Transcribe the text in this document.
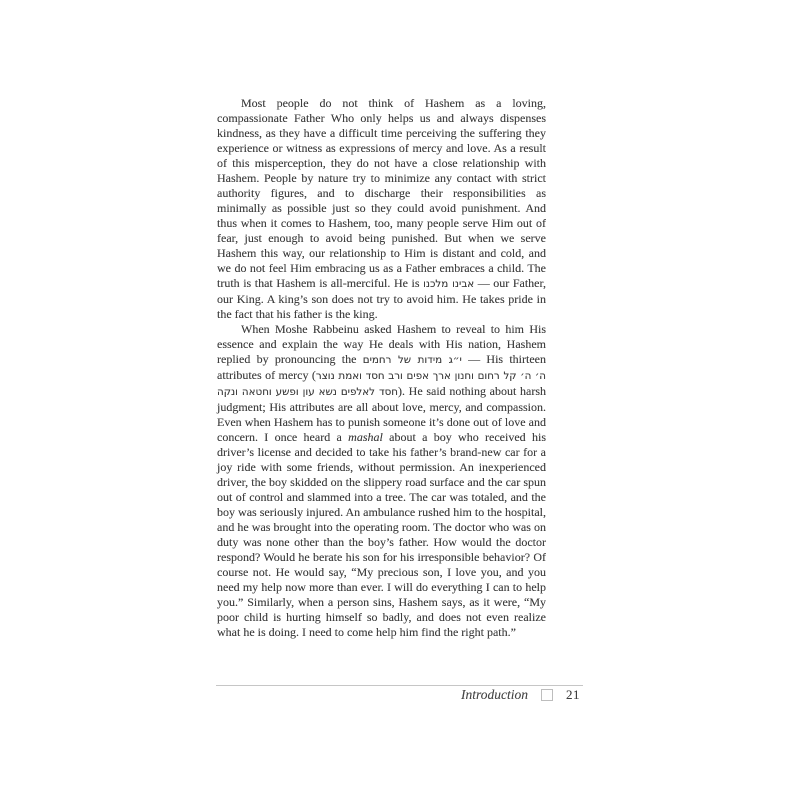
Most people do not think of Hashem as a loving, compassionate Father Who only helps us and always dispenses kindness, as they have a difficult time perceiving the suffering they experience or witness as expressions of mercy and love. As a result of this misperception, they do not have a close relationship with Hashem. People by nature try to minimize any contact with strict authority figures, and to discharge their responsibilities as minimally as possible just so they could avoid punishment. And thus when it comes to Hashem, too, many people serve Him out of fear, just enough to avoid being punished. But when we serve Hashem this way, our relationship to Him is distant and cold, and we do not feel Him embracing us as a Father embraces a child. The truth is that Hashem is all-merciful. He is אבינו מלכנו — our Father, our King. A king’s son does not try to avoid him. He takes pride in the fact that his father is the king.

When Moshe Rabbeinu asked Hashem to reveal to him His essence and explain the way He deals with His nation, Hashem replied by pronouncing the י״ג מידות של רחמים — His thirteen attributes of mercy (ה׳ ה׳ קל רחום וחנון ארך אפים ורב חסד ואמת נוצר חסד לאלפים נשא עון ופשע וחטאה ונקה). He said nothing about harsh judgment; His attributes are all about love, mercy, and compassion. Even when Hashem has to punish someone it’s done out of love and concern. I once heard a mashal about a boy who received his driver’s license and decided to take his father’s brand-new car for a joy ride with some friends, without permission. An inexperienced driver, the boy skidded on the slippery road surface and the car spun out of control and slammed into a tree. The car was totaled, and the boy was seriously injured. An ambulance rushed him to the hospital, and he was brought into the operating room. The doctor who was on duty was none other than the boy’s father. How would the doctor respond? Would he berate his son for his irresponsible behavior? Of course not. He would say, “My precious son, I love you, and you need my help now more than ever. I will do everything I can to help you.” Similarly, when a person sins, Hashem says, as it were, “My poor child is hurting himself so badly, and does not even realize what he is doing. I need to come help him find the right path.”

Introduction	21
